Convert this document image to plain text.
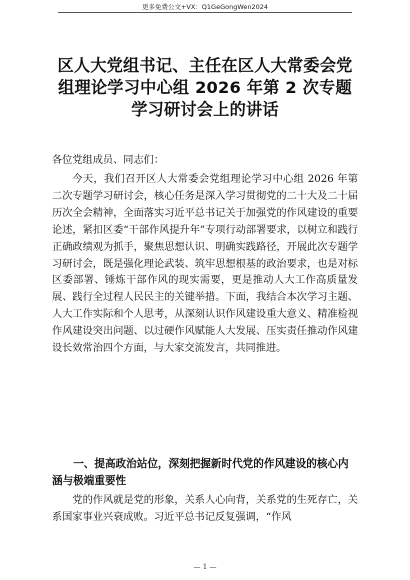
更多免费公文+VX：Q1GeGongWen2024
区人大党组书记、主任在区人大常委会党组理论学习中心组 2026 年第 2 次专题学习研讨会上的讲话
各位党组成员、同志们：

今天，我们召开区人大常委会党组理论学习中心组 2026 年第二次专题学习研讨会，核心任务是深入学习贯彻党的二十大及二十届历次全会精神，全面落实习近平总书记关于加强党的作风建设的重要论述，紧扣区委“干部作风提升年”专项行动部署要求，以树立和践行正确政绩观为抓手，聚焦思想认识、明确实践路径，开展此次专题学习研讨会，既是强化理论武装、筑牢思想根基的政治要求，也是对标区委部署、锤炼干部作风的现实需要，更是推动人大工作高质量发展、践行全过程人民民主的关键举措。下面，我结合本次学习主题、人大工作实际和个人思考，从深刻认识作风建设重大意义、精准检视作风建设突出问题、以过硬作风赋能人大发展、压实责任推动作风建设长效常治四个方面，与大家交流发言，共同推进。

一、提高政治站位，深刻把握新时代党的作风建设的核心内涵与极端重要性

党的作风就是党的形象，关系人心向背，关系党的生死存亡，关系国家事业兴衰成败。习近平总书记反复强调，“作风

— 1 —
